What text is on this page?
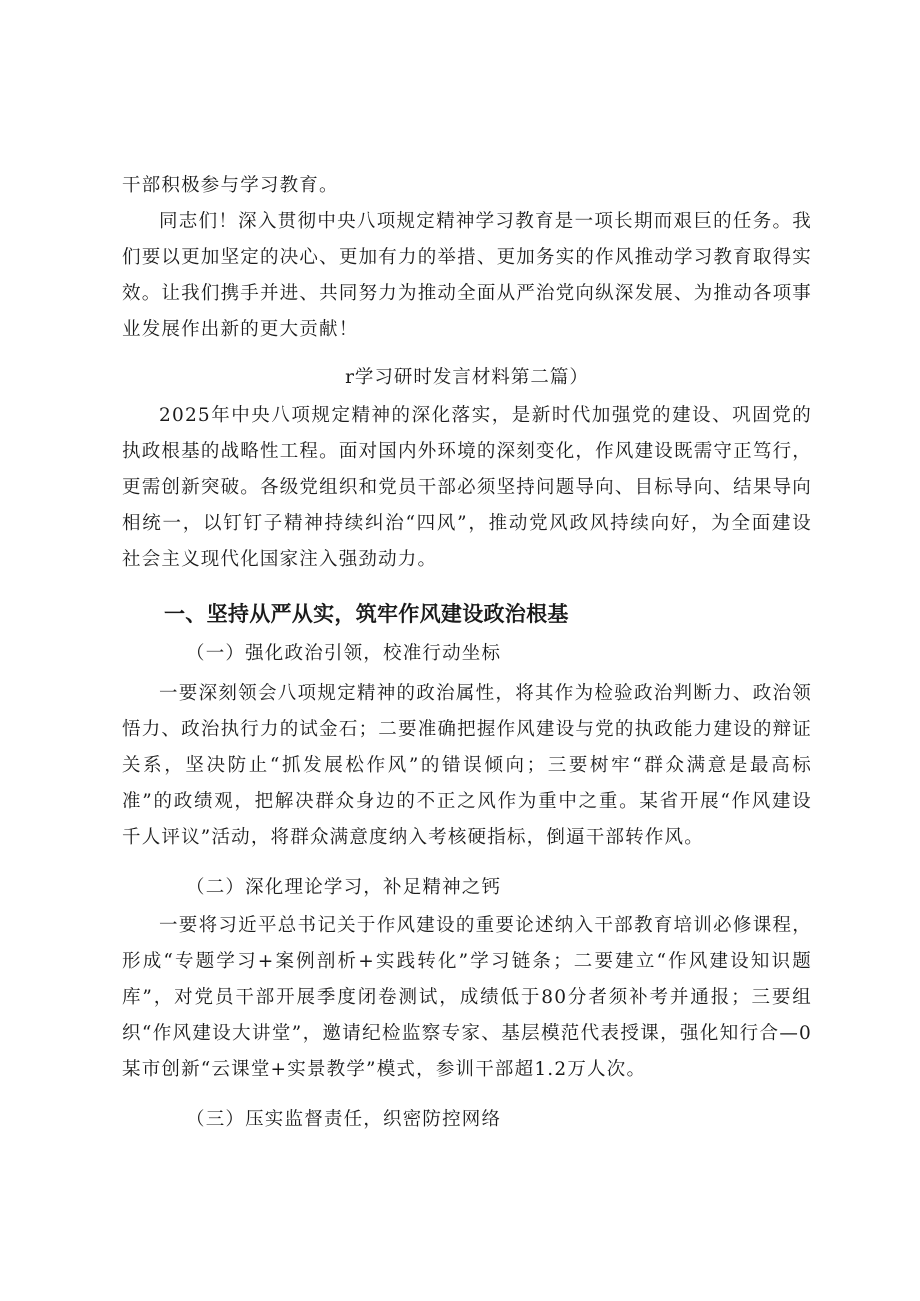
干部积极参与学习教育。

同志们！深入贯彻中央八项规定精神学习教育是一项长期而艰巨的任务。我们要以更加坚定的决心、更加有力的举措、更加务实的作风推动学习教育取得实效。让我们携手并进、共同努力为推动全面从严治党向纵深发展、为推动各项事业发展作出新的更大贡献！

r学习研时发言材料第二篇）

2025年中央八项规定精神的深化落实，是新时代加强党的建设、巩固党的执政根基的战略性工程。面对国内外环境的深刻变化，作风建设既需守正笃行，更需创新突破。各级党组织和党员干部必须坚持问题导向、目标导向、结果导向相统一，以钉钉子精神持续纠治“四风”，推动党风政风持续向好，为全面建设社会主义现代化国家注入强劲动力。

一、坚持从严从实，筑牢作风建设政治根基

（一）强化政治引领，校准行动坐标

一要深刻领会八项规定精神的政治属性，将其作为检验政治判断力、政治领悟力、政治执行力的试金石；二要准确把握作风建设与党的执政能力建设的辩证关系，坚决防止“抓发展松作风”的错误倾向；三要树牢“群众满意是最高标准”的政绩观，把解决群众身边的不正之风作为重中之重。某省开展“作风建设千人评议”活动，将群众满意度纳入考核硬指标，倒逼干部转作风。

（二）深化理论学习，补足精神之钙

一要将习近平总书记关于作风建设的重要论述纳入干部教育培训必修课程，形成“专题学习+案例剖析+实践转化”学习链条；二要建立“作风建设知识题库”，对党员干部开展季度闭卷测试，成绩低于80分者须补考并通报；三要组织“作风建设大讲堂”，邀请纪检监察专家、基层模范代表授课，强化知行合—0某市创新“云课堂+实景教学”模式，参训干部超1.2万人次。

（三）压实监督责任，织密防控网络
